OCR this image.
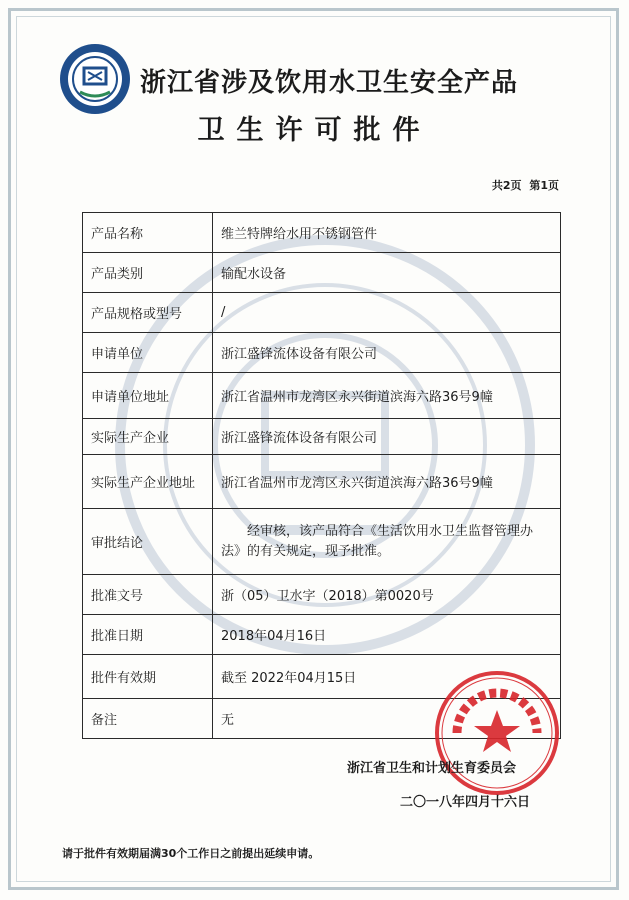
浙江省涉及饮用水卫生安全产品
卫生许可批件
共2页 第1页
产品名称	维兰特牌给水用不锈钢管件
产品类别	输配水设备
产品规格或型号	/
申请单位	浙江盛锋流体设备有限公司
申请单位地址	浙江省温州市龙湾区永兴街道滨海六路36号9幢
实际生产企业	浙江盛锋流体设备有限公司
实际生产企业地址	浙江省温州市龙湾区永兴街道滨海六路36号9幢
审批结论	经审核，该产品符合《生活饮用水卫生监督管理办法》的有关规定，现予批准。
批准文号	浙（05）卫水字（2018）第0020号
批准日期	2018年04月16日
批件有效期	截至 2022年04月15日
备注	无
浙江省卫生和计划生育委员会
二〇一八年四月十六日
请于批件有效期届满30个工作日之前提出延续申请。
